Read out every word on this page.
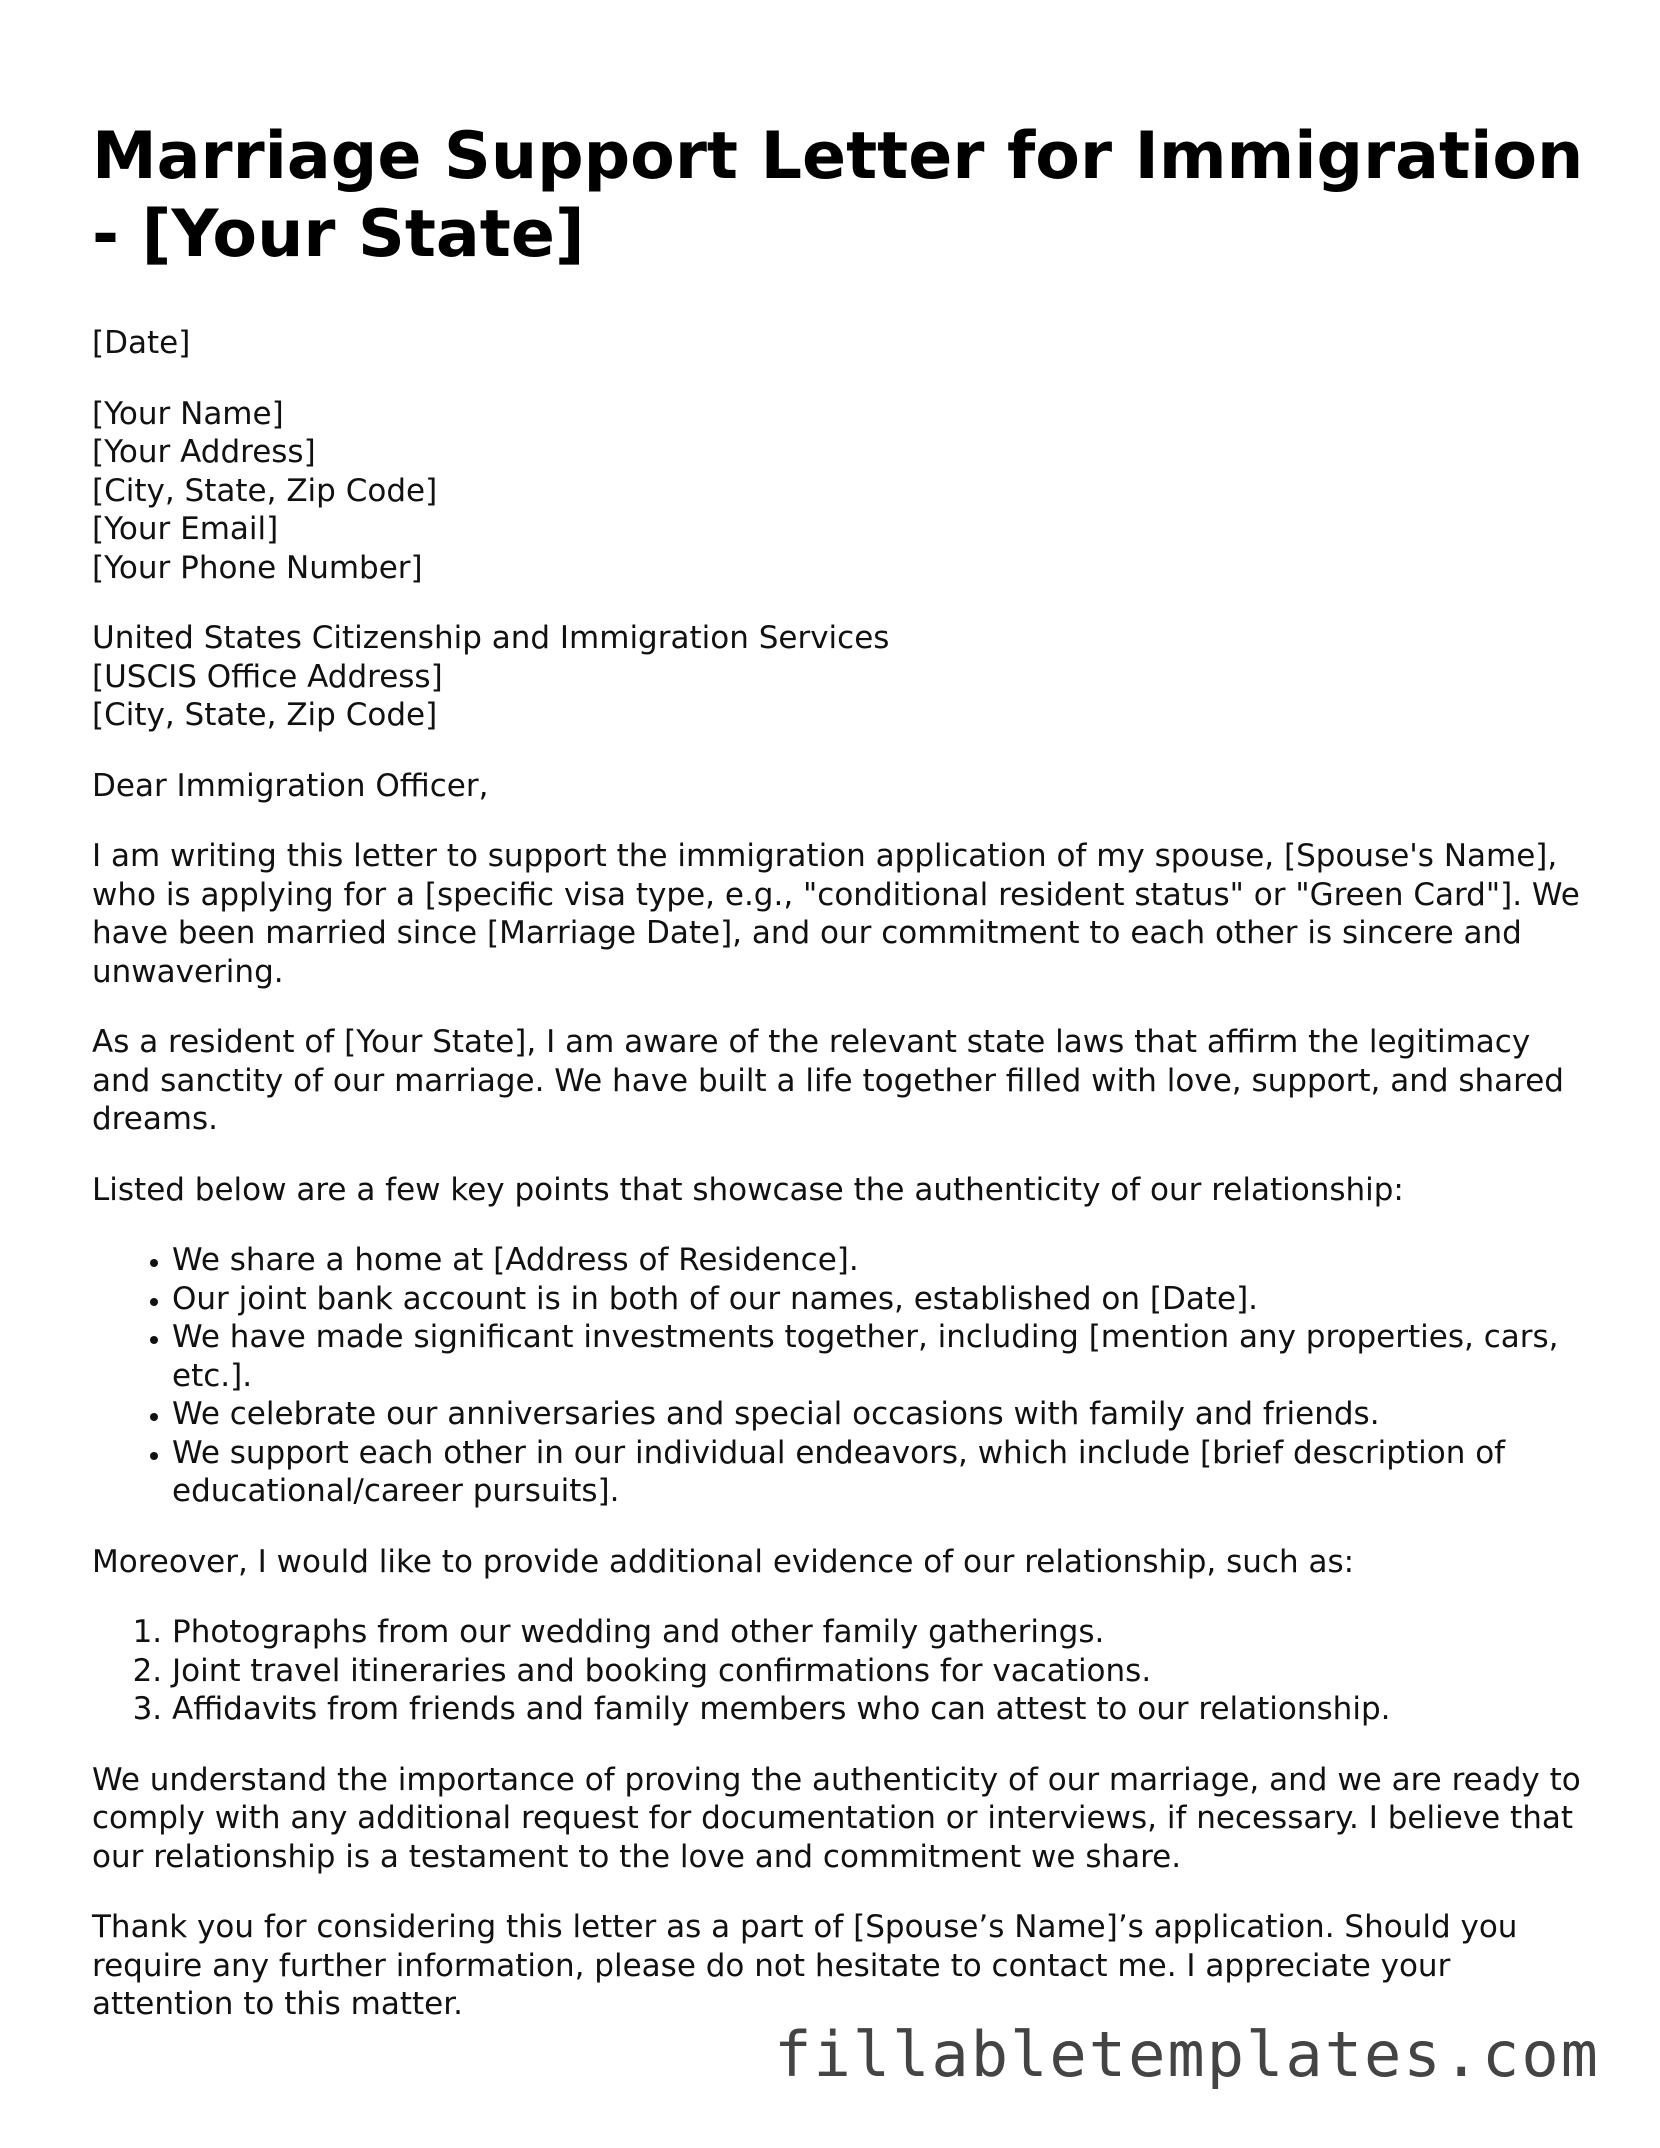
Marriage Support Letter for Immigration - [Your State]

[Date]

[Your Name]
[Your Address]
[City, State, Zip Code]
[Your Email]
[Your Phone Number]
United States Citizenship and Immigration Services
[USCIS Office Address]
[City, State, Zip Code]

Dear Immigration Officer,

I am writing this letter to support the immigration application of my spouse, [Spouse's Name], who is applying for a [specific visa type, e.g., "conditional resident status" or "Green Card"]. We have been married since [Marriage Date], and our commitment to each other is sincere and unwavering.

As a resident of [Your State], I am aware of the relevant state laws that affirm the legitimacy and sanctity of our marriage. We have built a life together filled with love, support, and shared dreams.

Listed below are a few key points that showcase the authenticity of our relationship:

• We share a home at [Address of Residence].
• Our joint bank account is in both of our names, established on [Date].
• We have made significant investments together, including [mention any properties, cars, etc.].
• We celebrate our anniversaries and special occasions with family and friends.
• We support each other in our individual endeavors, which include [brief description of educational/career pursuits].

Moreover, I would like to provide additional evidence of our relationship, such as:

1. Photographs from our wedding and other family gatherings.
2. Joint travel itineraries and booking confirmations for vacations.
3. Affidavits from friends and family members who can attest to our relationship.

We understand the importance of proving the authenticity of our marriage, and we are ready to comply with any additional request for documentation or interviews, if necessary. I believe that our relationship is a testament to the love and commitment we share.

Thank you for considering this letter as a part of [Spouse’s Name]’s application. Should you require any further information, please do not hesitate to contact me. I appreciate your attention to this matter.

fillabletemplates.com
